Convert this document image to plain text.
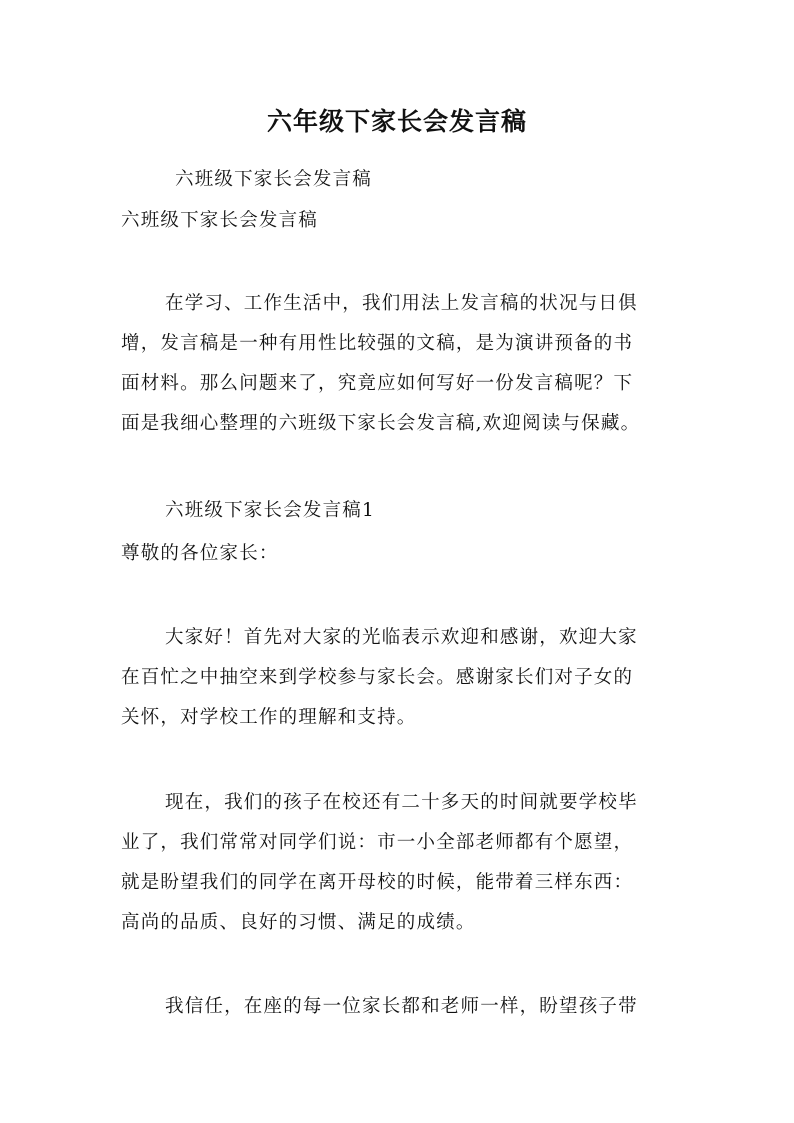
六年级下家长会发言稿
六班级下家长会发言稿
六班级下家长会发言稿
在学习、工作生活中，我们用法上发言稿的状况与日俱
增，发言稿是一种有用性比较强的文稿，是为演讲预备的书
面材料。那么问题来了，究竟应如何写好一份发言稿呢？下
面是我细心整理的六班级下家长会发言稿,欢迎阅读与保藏。
六班级下家长会发言稿1
尊敬的各位家长：
大家好！首先对大家的光临表示欢迎和感谢，欢迎大家
在百忙之中抽空来到学校参与家长会。感谢家长们对子女的
关怀，对学校工作的理解和支持。
现在，我们的孩子在校还有二十多天的时间就要学校毕
业了，我们常常对同学们说：市一小全部老师都有个愿望，
就是盼望我们的同学在离开母校的时候，能带着三样东西：
高尚的品质、良好的习惯、满足的成绩。
我信任，在座的每一位家长都和老师一样，盼望孩子带
